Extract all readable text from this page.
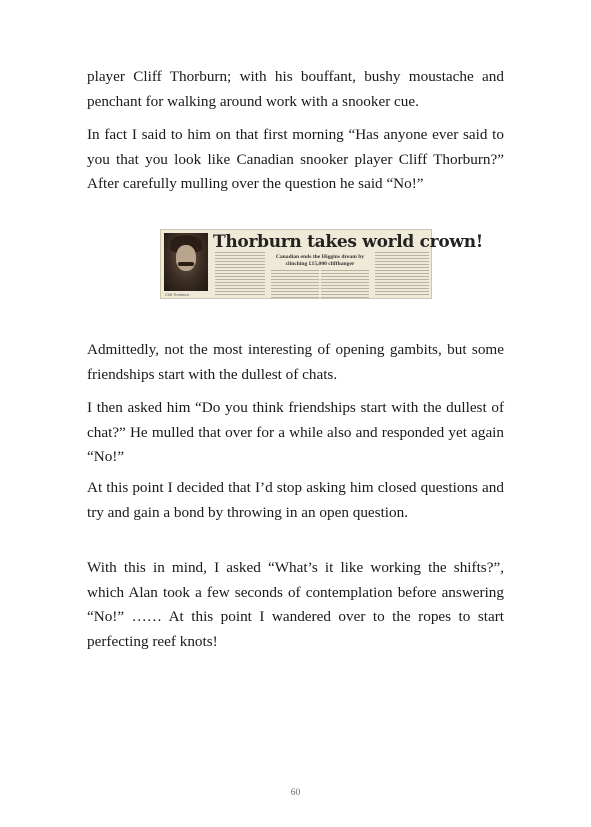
player Cliff Thorburn; with his bouffant, bushy moustache and penchant for walking around work with a snooker cue.

In fact I said to him on that first morning “Has anyone ever said to you that you look like Canadian snooker player Cliff Thorburn?” After carefully mulling over the question he said “No!”

Cliff Thorburn
Thorburn takes world crown!
Canadian ends the Higgins dream by clinching £15,000 cliffhanger

Admittedly, not the most interesting of opening gambits, but some friendships start with the dullest of chats.

I then asked him “Do you think friendships start with the dullest of chat?” He mulled that over for a while also and responded yet again “No!”

At this point I decided that I’d stop asking him closed questions and try and gain a bond by throwing in an open question.

With this in mind, I asked “What’s it like working the shifts?”, which Alan took a few seconds of contemplation before answering “No!” …… At this point I wandered over to the ropes to start perfecting reef knots!

60
